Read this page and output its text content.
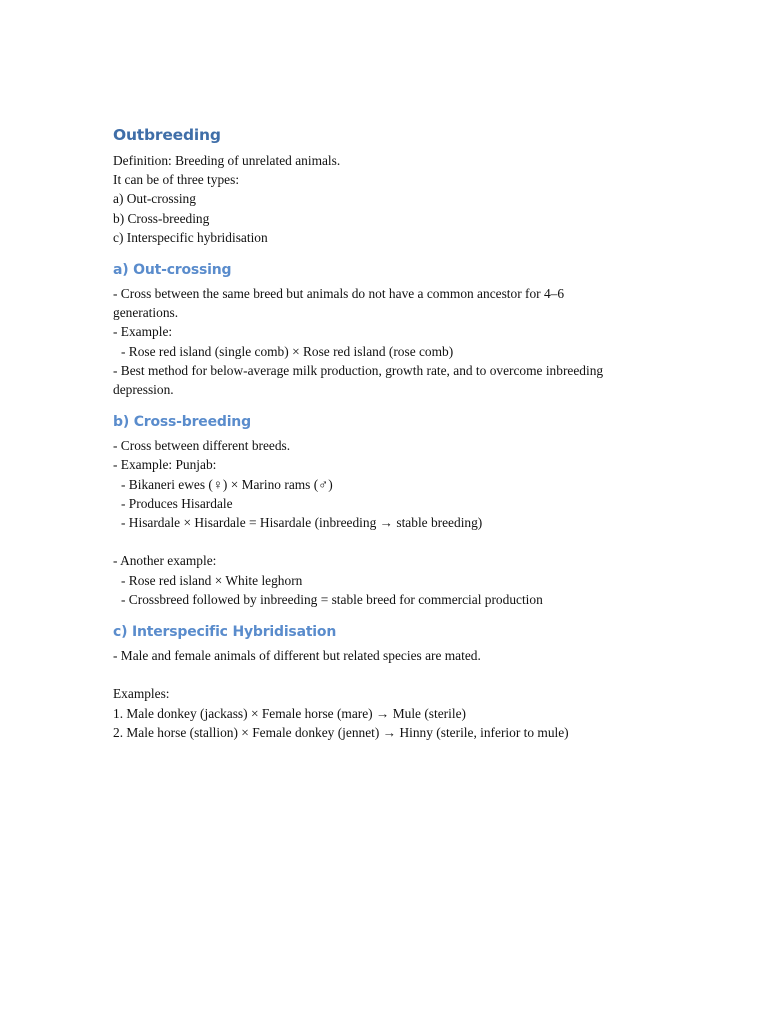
Outbreeding

Definition: Breeding of unrelated animals.

It can be of three types:

a) Out-crossing

b) Cross-breeding

c) Interspecific hybridisation

a) Out-crossing

- Cross between the same breed but animals do not have a common ancestor for 4–6

generations.

- Example:

- Rose red island (single comb) × Rose red island (rose comb)

- Best method for below-average milk production, growth rate, and to overcome inbreeding

depression.

b) Cross-breeding

- Cross between different breeds.

- Example: Punjab:

- Bikaneri ewes (♀) × Marino rams (♂)

- Produces Hisardale

- Hisardale × Hisardale = Hisardale (inbreeding → stable breeding)

- Another example:

- Rose red island × White leghorn

- Crossbreed followed by inbreeding = stable breed for commercial production

c) Interspecific Hybridisation

- Male and female animals of different but related species are mated.

Examples:

1. Male donkey (jackass) × Female horse (mare) → Mule (sterile)

2. Male horse (stallion) × Female donkey (jennet) → Hinny (sterile, inferior to mule)
